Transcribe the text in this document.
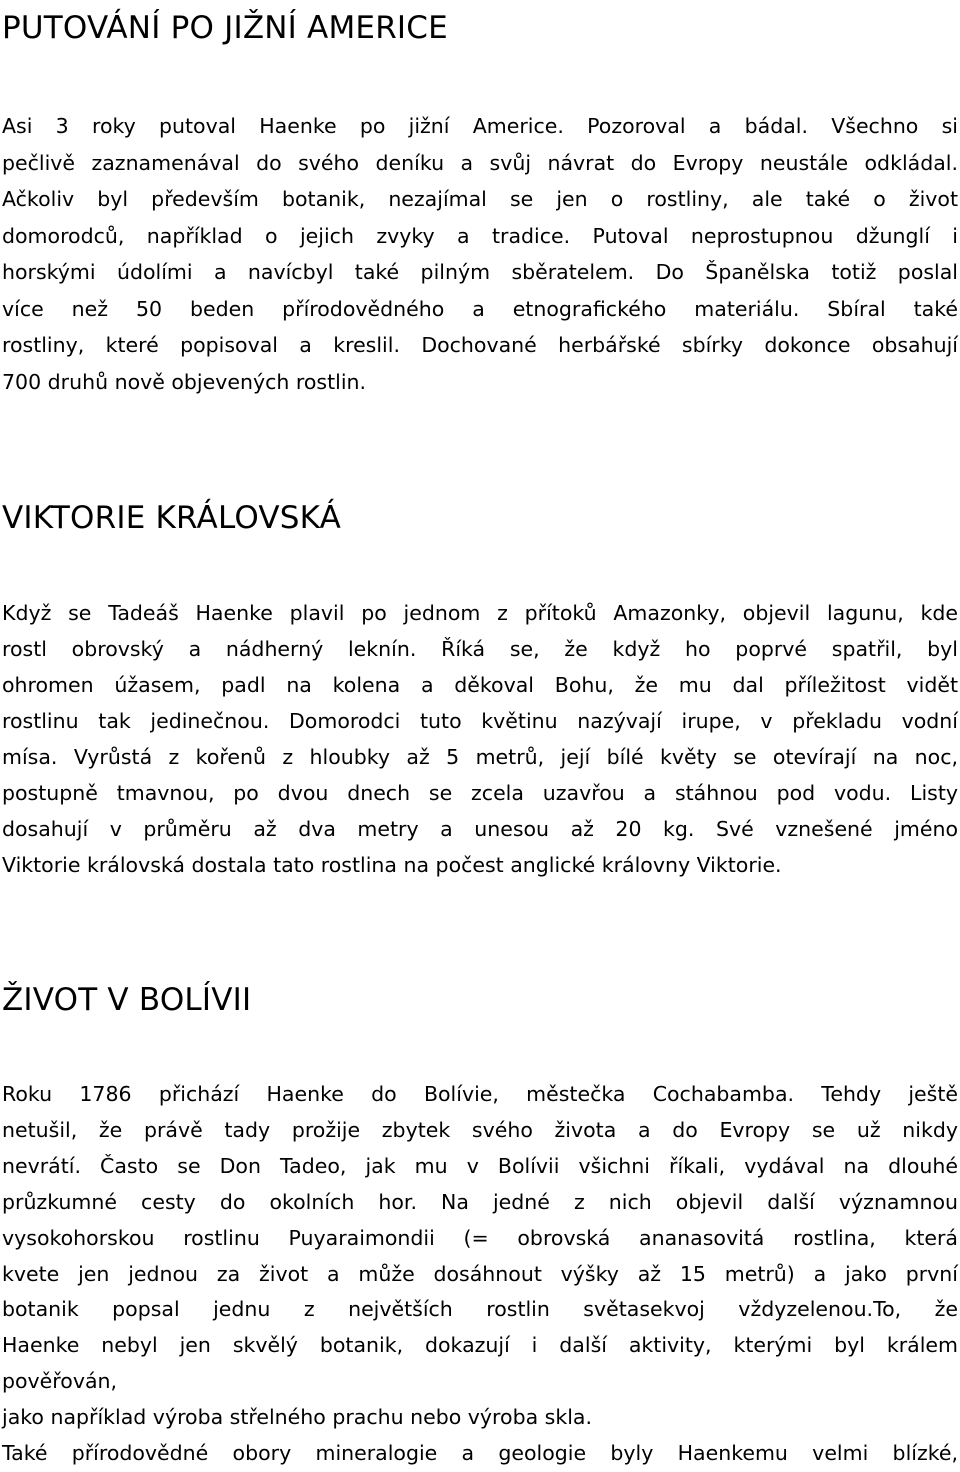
PUTOVÁNÍ PO JIŽNÍ AMERICE

Asi 3 roky putoval Haenke po jižní Americe. Pozoroval a bádal. Všechno si
pečlivě zaznamenával do svého deníku a svůj návrat do Evropy neustále odkládal.
Ačkoliv byl především botanik, nezajímal se jen o rostliny, ale také o život
domorodců, například o jejich zvyky a tradice. Putoval neprostupnou džunglí i
horskými údolími a navícbyl také pilným sběratelem. Do Španělska totiž poslal
více než 50 beden přírodovědného a etnografického materiálu. Sbíral také
rostliny, které popisoval a kreslil. Dochované herbářské sbírky dokonce obsahují
700 druhů nově objevených rostlin.

VIKTORIE KRÁLOVSKÁ

Když se Tadeáš Haenke plavil po jednom z přítoků Amazonky, objevil lagunu, kde
rostl obrovský a nádherný leknín. Říká se, že když ho poprvé spatřil, byl
ohromen úžasem, padl na kolena a děkoval Bohu, že mu dal příležitost vidět
rostlinu tak jedinečnou. Domorodci tuto květinu nazývají irupe, v překladu vodní
mísa. Vyrůstá z kořenů z hloubky až 5 metrů, její bílé květy se otevírají na noc,
postupně tmavnou, po dvou dnech se zcela uzavřou a stáhnou pod vodu. Listy
dosahují v průměru až dva metry a unesou až 20 kg. Své vznešené jméno
Viktorie královská dostala tato rostlina na počest anglické královny Viktorie.

ŽIVOT V BOLÍVII

Roku 1786 přichází Haenke do Bolívie, městečka Cochabamba. Tehdy ještě
netušil, že právě tady prožije zbytek svého života a do Evropy se už nikdy
nevrátí. Často se Don Tadeo, jak mu v Bolívii všichni říkali, vydával na dlouhé
průzkumné cesty do okolních hor. Na jedné z nich objevil další významnou
vysokohorskou rostlinu Puyaraimondii (= obrovská ananasovitá rostlina, která
kvete jen jednou za život a může dosáhnout výšky až 15 metrů) a jako první
botanik popsal jednu z největších rostlin světasekvoj vždyzelenou.To, že
Haenke nebyl jen skvělý botanik, dokazují i další aktivity, kterými byl králem
pověřován,
jako například výroba střelného prachu nebo výroba skla.
Také přírodovědné obory mineralogie a geologie byly Haenkemu velmi blízké,
